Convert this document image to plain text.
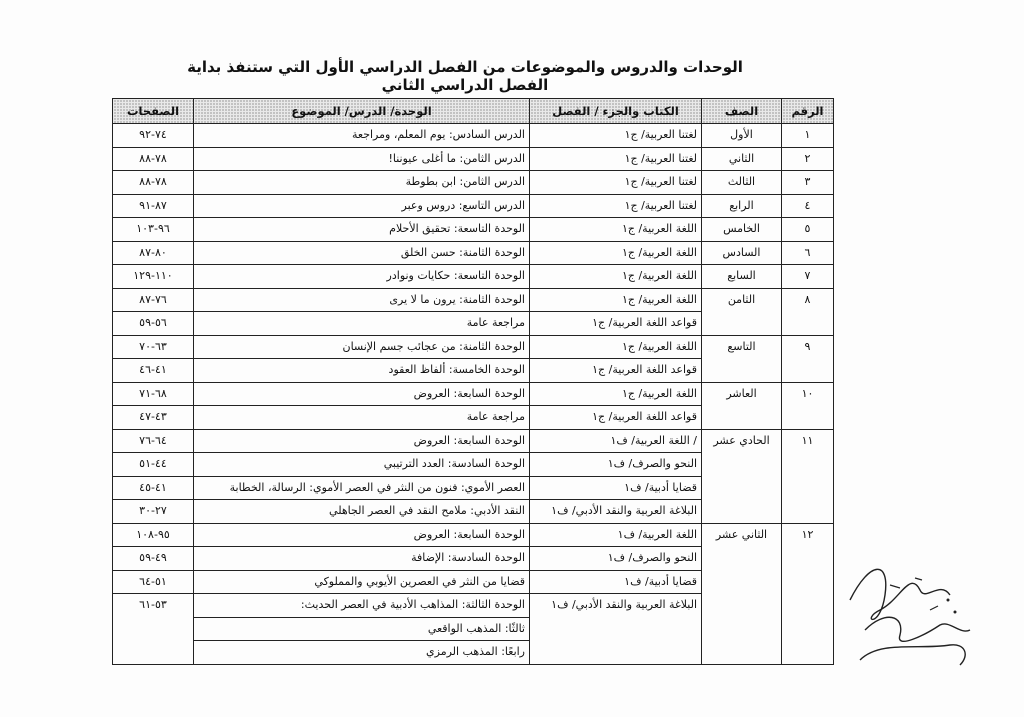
الوحدات والدروس والموضوعات من الفصل الدراسي الأول التي ستنفذ بداية الفصل الدراسي الثاني
الرقم	الصف	الكتاب والجزء / الفصل	الوحدة/ الدرس/ الموضوع	الصفحات
١	الأول	لغتنا العربية/ ج١	الدرس السادس: يوم المعلم، ومراجعة	٧٤-٩٢
٢	الثاني	لغتنا العربية/ ج١	الدرس الثامن: ما أغلى عيوننا!	٧٨-٨٨
٣	الثالث	لغتنا العربية/ ج١	الدرس الثامن: ابن بطوطة	٧٨-٨٨
٤	الرابع	لغتنا العربية/ ج١	الدرس التاسع: دروس وعبر	٨٧-٩١
٥	الخامس	اللغة العربية/ ج١	الوحدة التاسعة: تحقيق الأحلام	٩٦-١٠٣
٦	السادس	اللغة العربية/ ج١	الوحدة الثامنة: حسن الخلق	٨٠-٨٧
٧	السابع	اللغة العربية/ ج١	الوحدة التاسعة: حكايات ونوادر	١١٠-١٢٩
٨	الثامن	اللغة العربية/ ج١	الوحدة الثامنة: يرون ما لا يرى	٧٦-٨٧
		قواعد اللغة العربية/ ج١	مراجعة عامة	٥٦-٥٩
٩	التاسع	اللغة العربية/ ج١	الوحدة الثامنة: من عجائب جسم الإنسان	٦٣-٧٠
		قواعد اللغة العربية/ ج١	الوحدة الخامسة: ألفاظ العقود	٤١-٤٦
١٠	العاشر	اللغة العربية/ ج١	الوحدة السابعة: العروض	٦٨-٧١
		قواعد اللغة العربية/ ج١	مراجعة عامة	٤٣-٤٧
١١	الحادي عشر	/ اللغة العربية/ ف١	الوحدة السابعة: العروض	٦٤-٧٦
		النحو والصرف/ ف١	الوحدة السادسة: العدد الترتيبي	٤٤-٥١
		قضايا أدبية/ ف١	العصر الأموي: فنون من النثر في العصر الأموي: الرسالة، الخطابة	٤١-٤٥
		البلاغة العربية والنقد الأدبي/ ف١	النقد الأدبي: ملامح النقد في العصر الجاهلي	٢٧-٣٠
١٢	الثاني عشر	اللغة العربية/ ف١	الوحدة السابعة: العروض	٩٥-١٠٨
		النحو والصرف/ ف١	الوحدة السادسة: الإضافة	٤٩-٥٩
		قضايا أدبية/ ف١	قضايا من النثر في العصرين الأيوبي والمملوكي	٥١-٦٤
		البلاغة العربية والنقد الأدبي/ ف١	الوحدة الثالثة: المذاهب الأدبية في العصر الحديث:	٥٣-٦١
			ثالثًا: المذهب الواقعي	
			رابعًا: المذهب الرمزي	
